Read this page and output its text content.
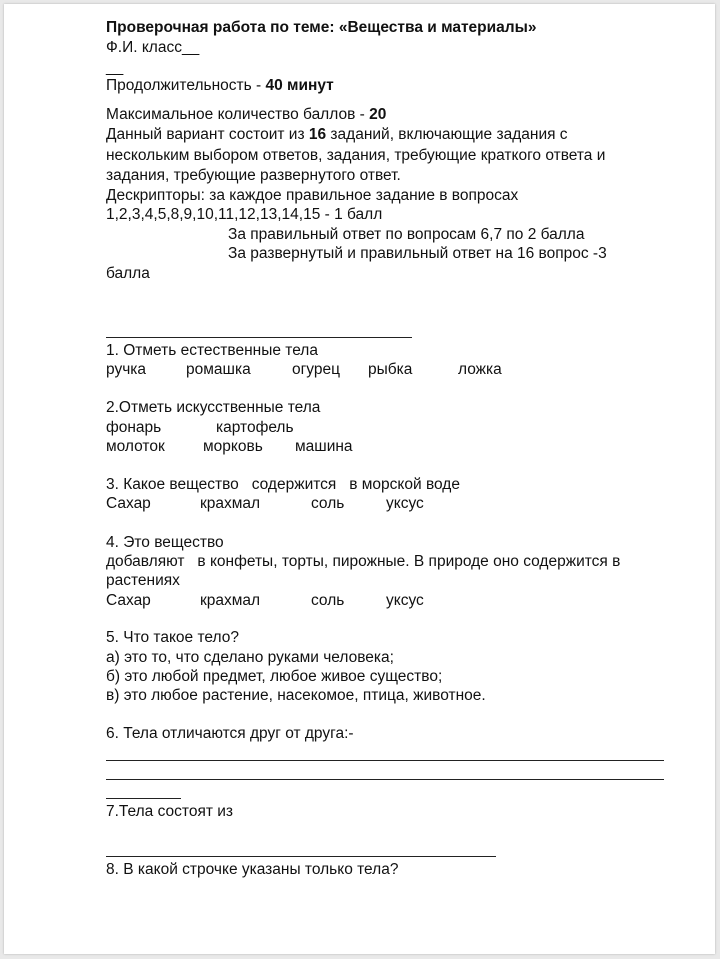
Проверочная работа по теме: «Вещества и материалы»
Ф.И. класс__
__
Продолжительность - 40 минут
Максимальное количество баллов - 20
Данный вариант состоит из 16 заданий, включающие задания с
нескольким выбором ответов, задания, требующие краткого ответа и
задания, требующие развернутого ответ.
Дескрипторы: за каждое правильное задание в вопросах
1,2,3,4,5,8,9,10,11,12,13,14,15 - 1 балл
За правильный ответ по вопросам 6,7 по 2 балла
За развернутый и правильный ответ на 16 вопрос -3
балла
1. Отметь естественные тела
ручка	ромашка	огурец рыбка	ложка
2.Отметь искусственные тела
фонарь	картофель
молоток морковь машина
3. Какое вещество   содержится   в морской воде
Сахар	крахмал	соль	уксус
4. Это вещество
добавляют   в конфеты, торты, пирожные. В природе оно содержится в
растениях
Сахар	крахмал	соль	уксус
5. Что такое тело?
а) это то, что сделано руками человека;
б) это любой предмет, любое живое существо;
в) это любое растение, насекомое, птица, животное.
6. Тела отличаются друг от друга:-
7.Тела состоят из
8. В какой строчке указаны только тела?
